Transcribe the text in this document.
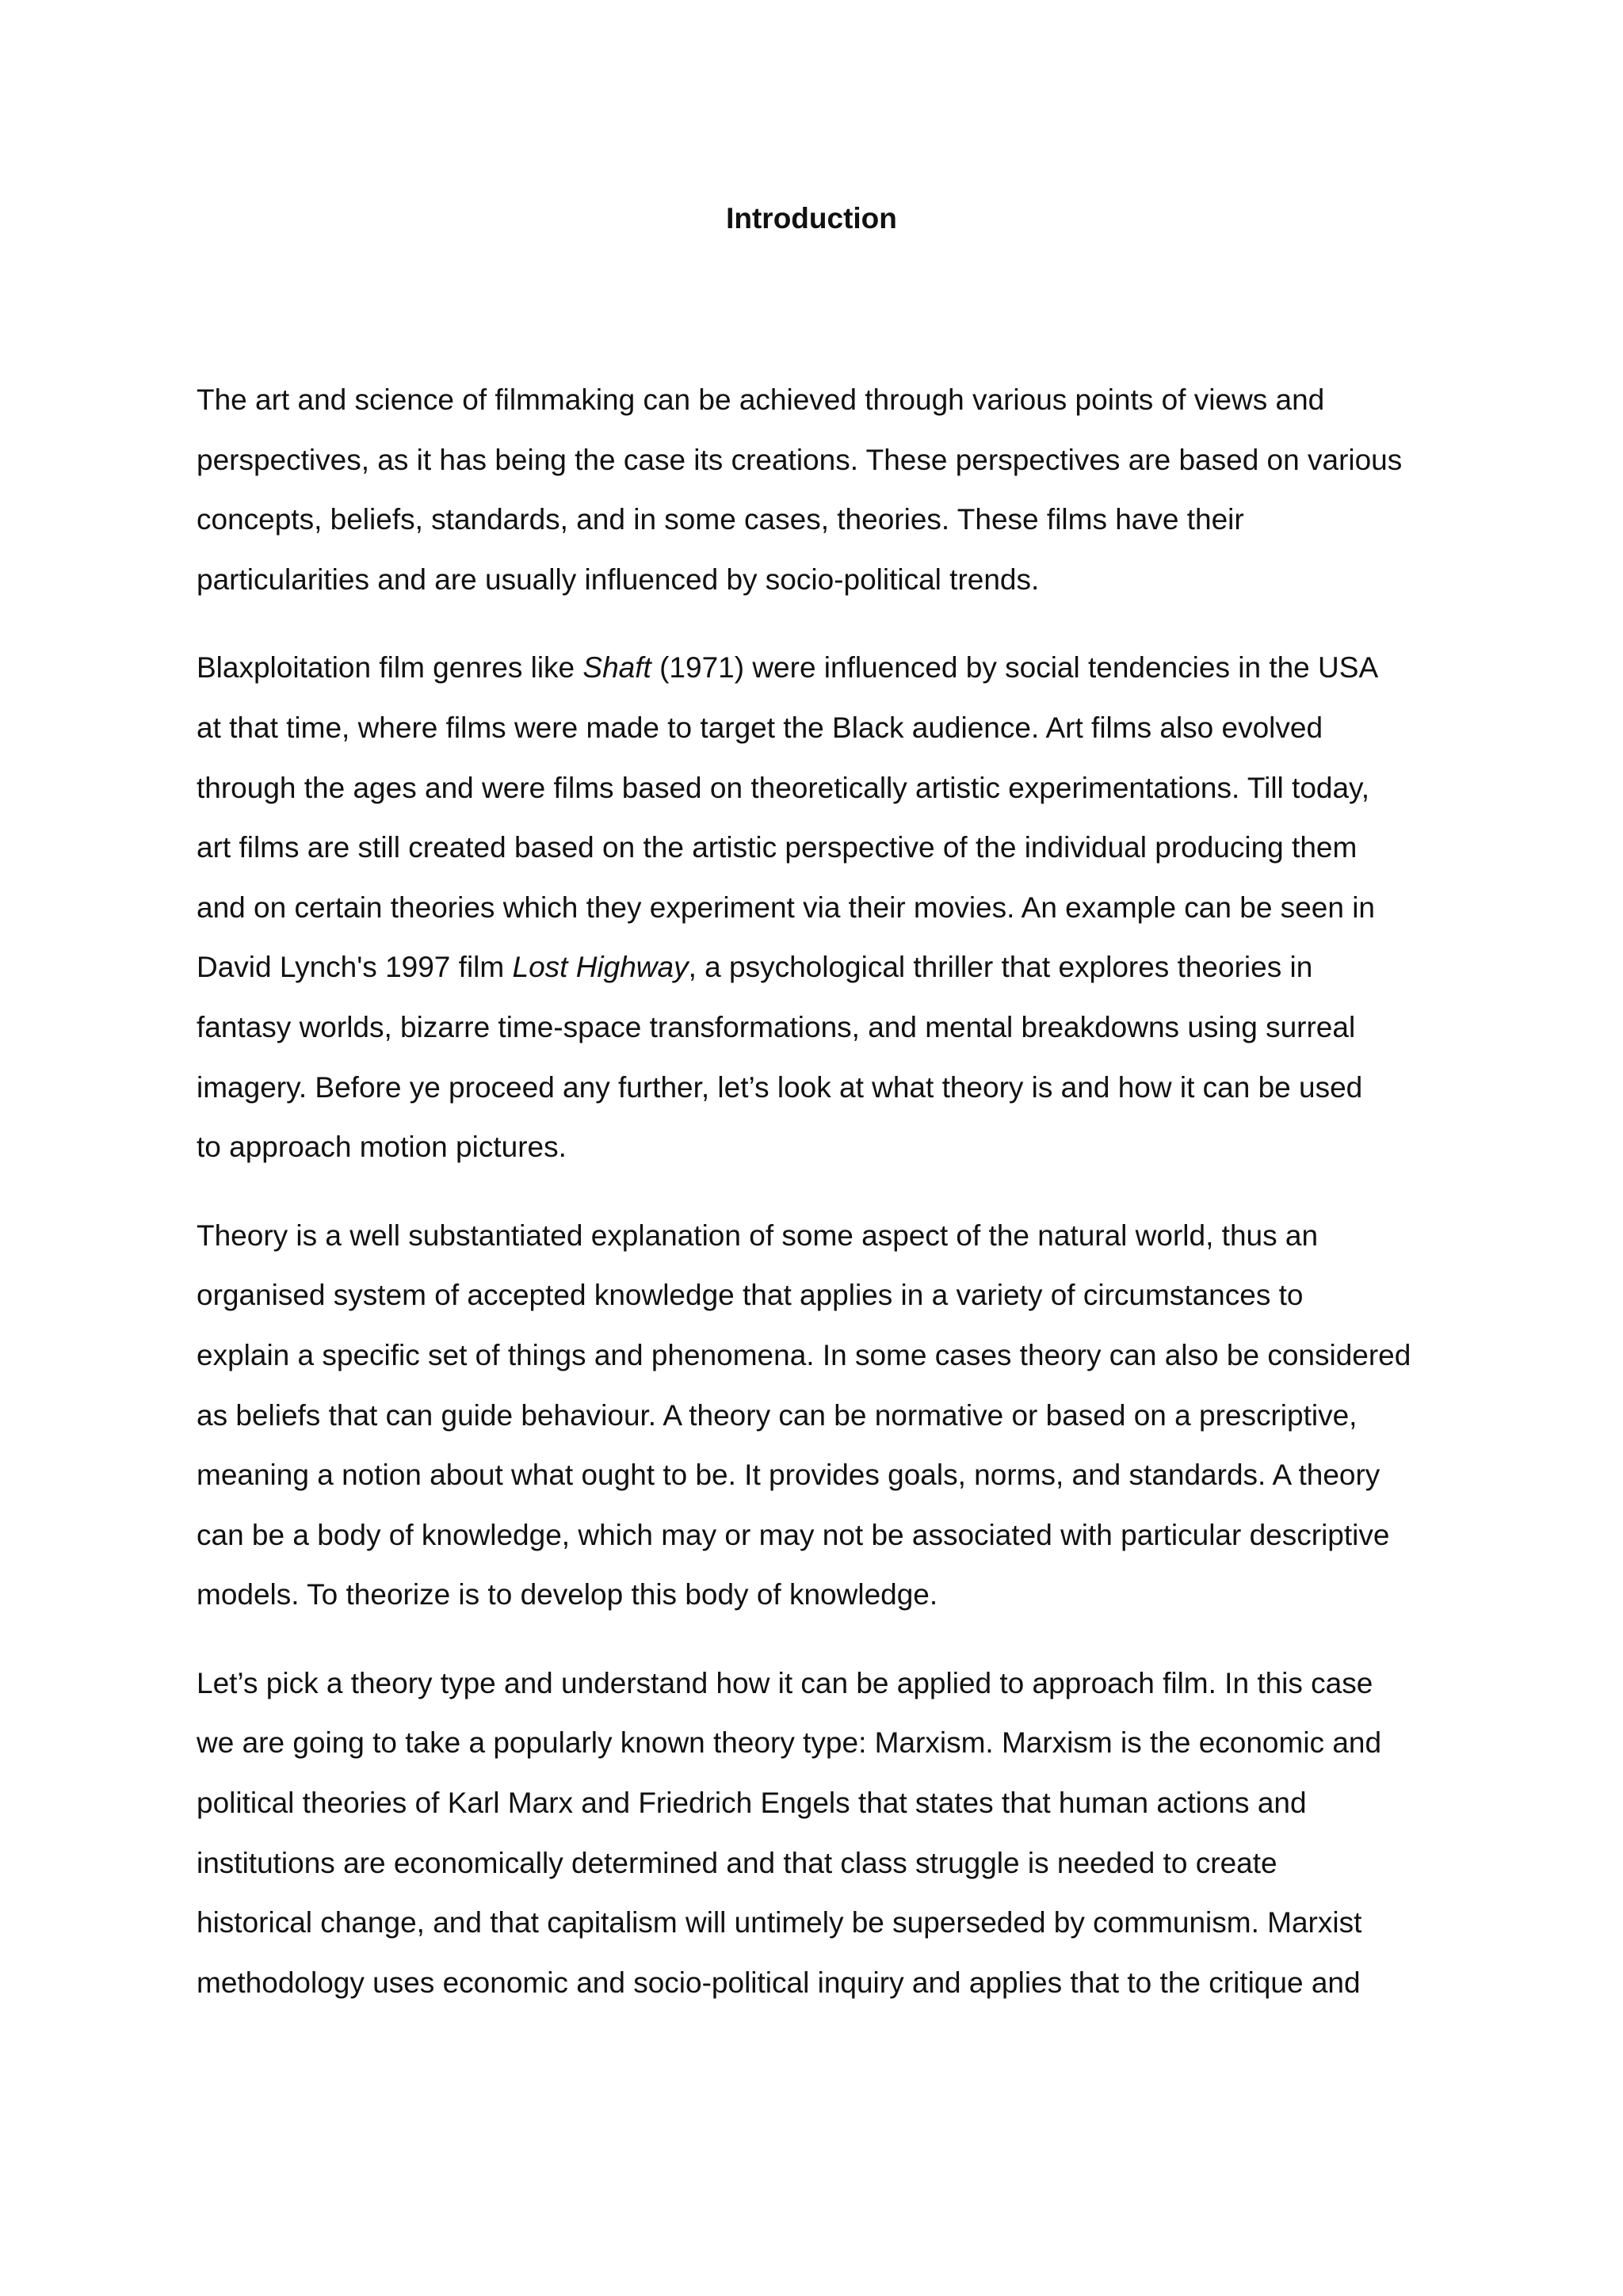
Introduction

The art and science of filmmaking can be achieved through various points of views and
perspectives, as it has being the case its creations. These perspectives are based on various
concepts, beliefs, standards, and in some cases, theories. These films have their
particularities and are usually influenced by socio-political trends.

Blaxploitation film genres like Shaft (1971) were influenced by social tendencies in the USA
at that time, where films were made to target the Black audience. Art films also evolved
through the ages and were films based on theoretically artistic experimentations. Till today,
art films are still created based on the artistic perspective of the individual producing them
and on certain theories which they experiment via their movies. An example can be seen in
David Lynch's 1997 film Lost Highway, a psychological thriller that explores theories in
fantasy worlds, bizarre time-space transformations, and mental breakdowns using surreal
imagery. Before ye proceed any further, let’s look at what theory is and how it can be used
to approach motion pictures.

Theory is a well substantiated explanation of some aspect of the natural world, thus an
organised system of accepted knowledge that applies in a variety of circumstances to
explain a specific set of things and phenomena. In some cases theory can also be considered
as beliefs that can guide behaviour. A theory can be normative or based on a prescriptive,
meaning a notion about what ought to be. It provides goals, norms, and standards. A theory
can be a body of knowledge, which may or may not be associated with particular descriptive
models. To theorize is to develop this body of knowledge.

Let’s pick a theory type and understand how it can be applied to approach film. In this case
we are going to take a popularly known theory type: Marxism. Marxism is the economic and
political theories of Karl Marx and Friedrich Engels that states that human actions and
institutions are economically determined and that class struggle is needed to create
historical change, and that capitalism will untimely be superseded by communism. Marxist
methodology uses economic and socio-political inquiry and applies that to the critique and
